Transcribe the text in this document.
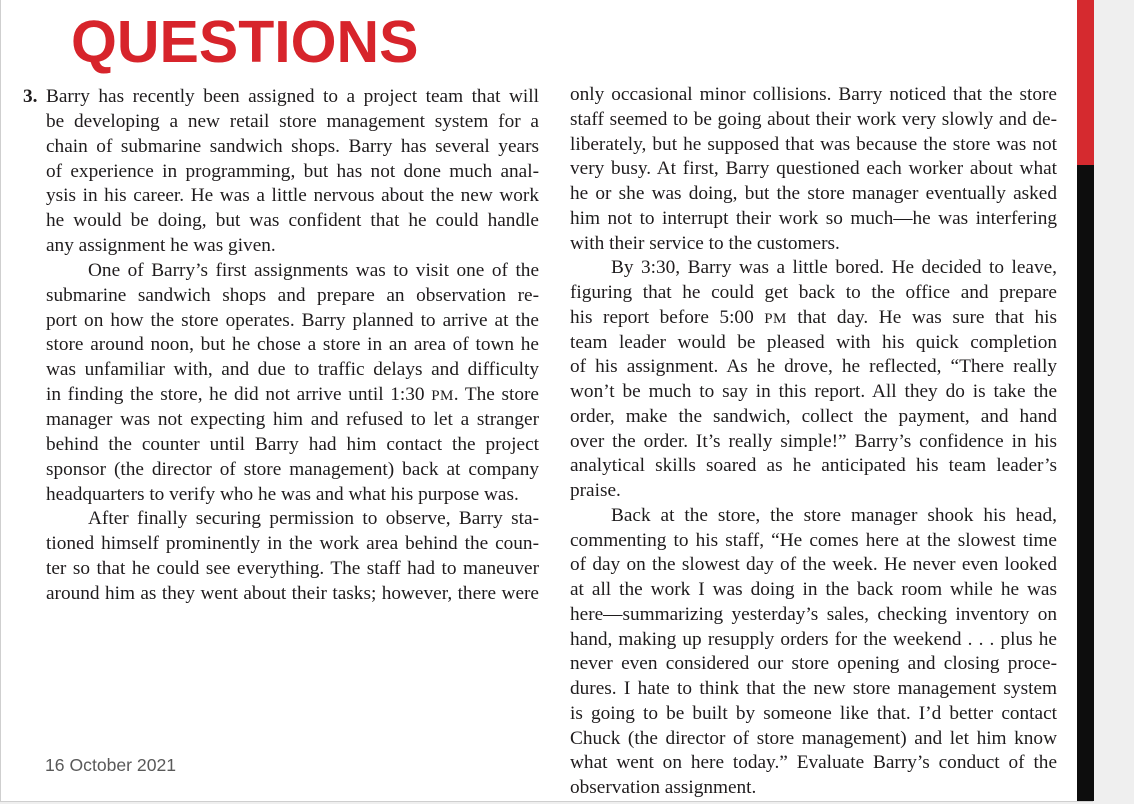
QUESTIONS
3. Barry has recently been assigned to a project team that will
be developing a new retail store management system for a
chain of submarine sandwich shops. Barry has several years
of experience in programming, but has not done much anal-
ysis in his career. He was a little nervous about the new work
he would be doing, but was confident that he could handle
any assignment he was given.
One of Barry’s first assignments was to visit one of the
submarine sandwich shops and prepare an observation re-
port on how the store operates. Barry planned to arrive at the
store around noon, but he chose a store in an area of town he
was unfamiliar with, and due to traffic delays and difficulty
in finding the store, he did not arrive until 1:30 PM. The store
manager was not expecting him and refused to let a stranger
behind the counter until Barry had him contact the project
sponsor (the director of store management) back at company
headquarters to verify who he was and what his purpose was.
After finally securing permission to observe, Barry sta-
tioned himself prominently in the work area behind the coun-
ter so that he could see everything. The staff had to maneuver
around him as they went about their tasks; however, there were
only occasional minor collisions. Barry noticed that the store
staff seemed to be going about their work very slowly and de-
liberately, but he supposed that was because the store was not
very busy. At first, Barry questioned each worker about what
he or she was doing, but the store manager eventually asked
him not to interrupt their work so much—he was interfering
with their service to the customers.
By 3:30, Barry was a little bored. He decided to leave,
figuring that he could get back to the office and prepare
his report before 5:00 PM that day. He was sure that his
team leader would be pleased with his quick completion
of his assignment. As he drove, he reflected, “There really
won’t be much to say in this report. All they do is take the
order, make the sandwich, collect the payment, and hand
over the order. It’s really simple!” Barry’s confidence in his
analytical skills soared as he anticipated his team leader’s
praise.
Back at the store, the store manager shook his head,
commenting to his staff, “He comes here at the slowest time
of day on the slowest day of the week. He never even looked
at all the work I was doing in the back room while he was
here—summarizing yesterday’s sales, checking inventory on
hand, making up resupply orders for the weekend . . . plus he
never even considered our store opening and closing proce-
dures. I hate to think that the new store management system
is going to be built by someone like that. I’d better contact
Chuck (the director of store management) and let him know
what went on here today.” Evaluate Barry’s conduct of the
observation assignment.
16 October 2021
